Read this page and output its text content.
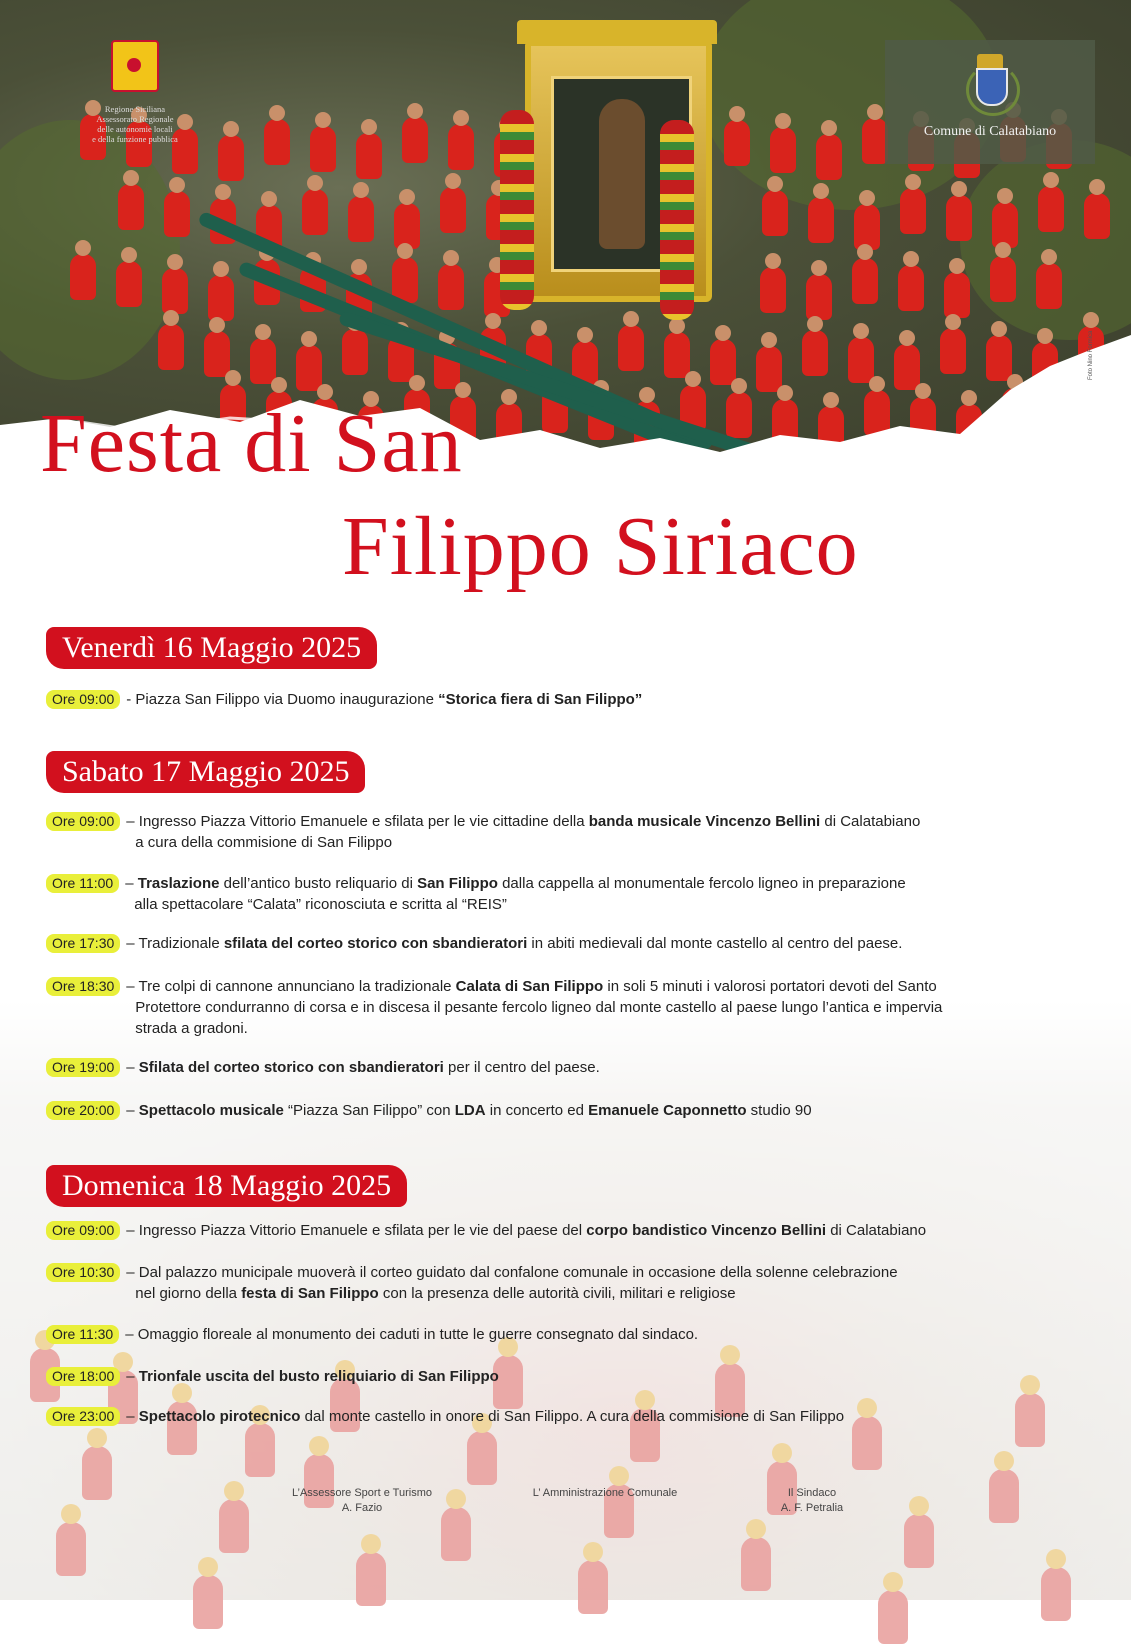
Regione Siciliana
Assessorato Regionale
delle autonomie locali
e della funzione pubblica	Comune di Calatabiano
Foto Nino Formica
Festa di San
Filippo Siriaco
Venerdì 16 Maggio 2025
Sabato 17 Maggio 2025
Domenica 18 Maggio 2025
Ore 09:00 - Piazza San Filippo via Duomo inaugurazione “Storica fiera di San Filippo”
Ore 09:00 – Ingresso Piazza Vittorio Emanuele e sfilata per le vie cittadine della banda musicale Vincenzo Bellini di Calatabiano
a cura della commisione di San Filippo
Ore 11:00 – Traslazione dell’antico busto reliquario di San Filippo dalla cappella al monumentale fercolo ligneo in preparazione
alla spettacolare “Calata” riconosciuta e scritta al “REIS”
Ore 17:30 – Tradizionale sfilata del corteo storico con sbandieratori in abiti medievali dal monte castello al centro del paese.
Ore 18:30 – Tre colpi di cannone annunciano la tradizionale Calata di San Filippo in soli 5 minuti i valorosi portatori devoti del Santo
Protettore condurranno di corsa e in discesa il pesante fercolo ligneo dal monte castello al paese lungo l’antica e impervia
strada a gradoni.
Ore 19:00 – Sfilata del corteo storico con sbandieratori per il centro del paese.
Ore 20:00 – Spettacolo musicale “Piazza San Filippo” con LDA in concerto ed Emanuele Caponnetto studio 90
Ore 09:00 – Ingresso Piazza Vittorio Emanuele e sfilata per le vie del paese del corpo bandistico Vincenzo Bellini di Calatabiano
Ore 10:30 – Dal palazzo municipale muoverà il corteo guidato dal confalone comunale in occasione della solenne celebrazione
nel giorno della festa di San Filippo con la presenza delle autorità civili, militari e religiose
Ore 11:30 – Omaggio floreale al monumento dei caduti in tutte le guerre consegnato dal sindaco.
Ore 18:00 – Trionfale uscita del busto reliquiario di San Filippo
Ore 23:00 – Spettacolo pirotecnico dal monte castello in onore di San Filippo. A cura della commisione di San Filippo
L’Assessore Sport e Turismo
A. Fazio
L’ Amministrazione Comunale	Il Sindaco
A. F. Petralia
